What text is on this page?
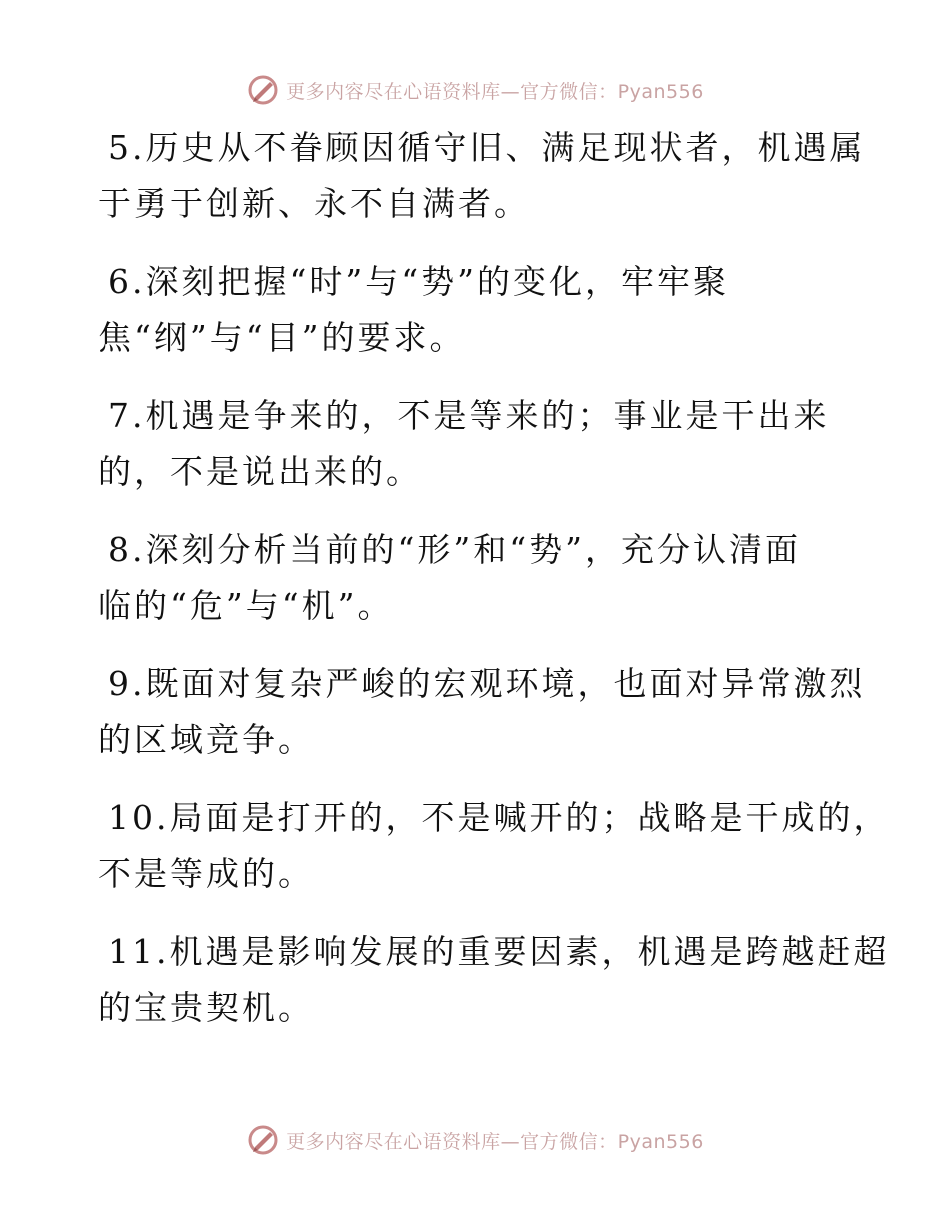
更多内容尽在心语资料库—官方微信：Pyan556
5.历史从不眷顾因循守旧、满足现状者，机遇属
于勇于创新、永不自满者。
6.深刻把握“时”与“势”的变化，牢牢聚
焦“纲”与“目”的要求。
7.机遇是争来的，不是等来的；事业是干出来
的，不是说出来的。
8.深刻分析当前的“形”和“势”，充分认清面
临的“危”与“机”。
9.既面对复杂严峻的宏观环境，也面对异常激烈
的区域竞争。
10.局面是打开的，不是喊开的；战略是干成的，
不是等成的。
11.机遇是影响发展的重要因素，机遇是跨越赶超
的宝贵契机。
更多内容尽在心语资料库—官方微信：Pyan556
